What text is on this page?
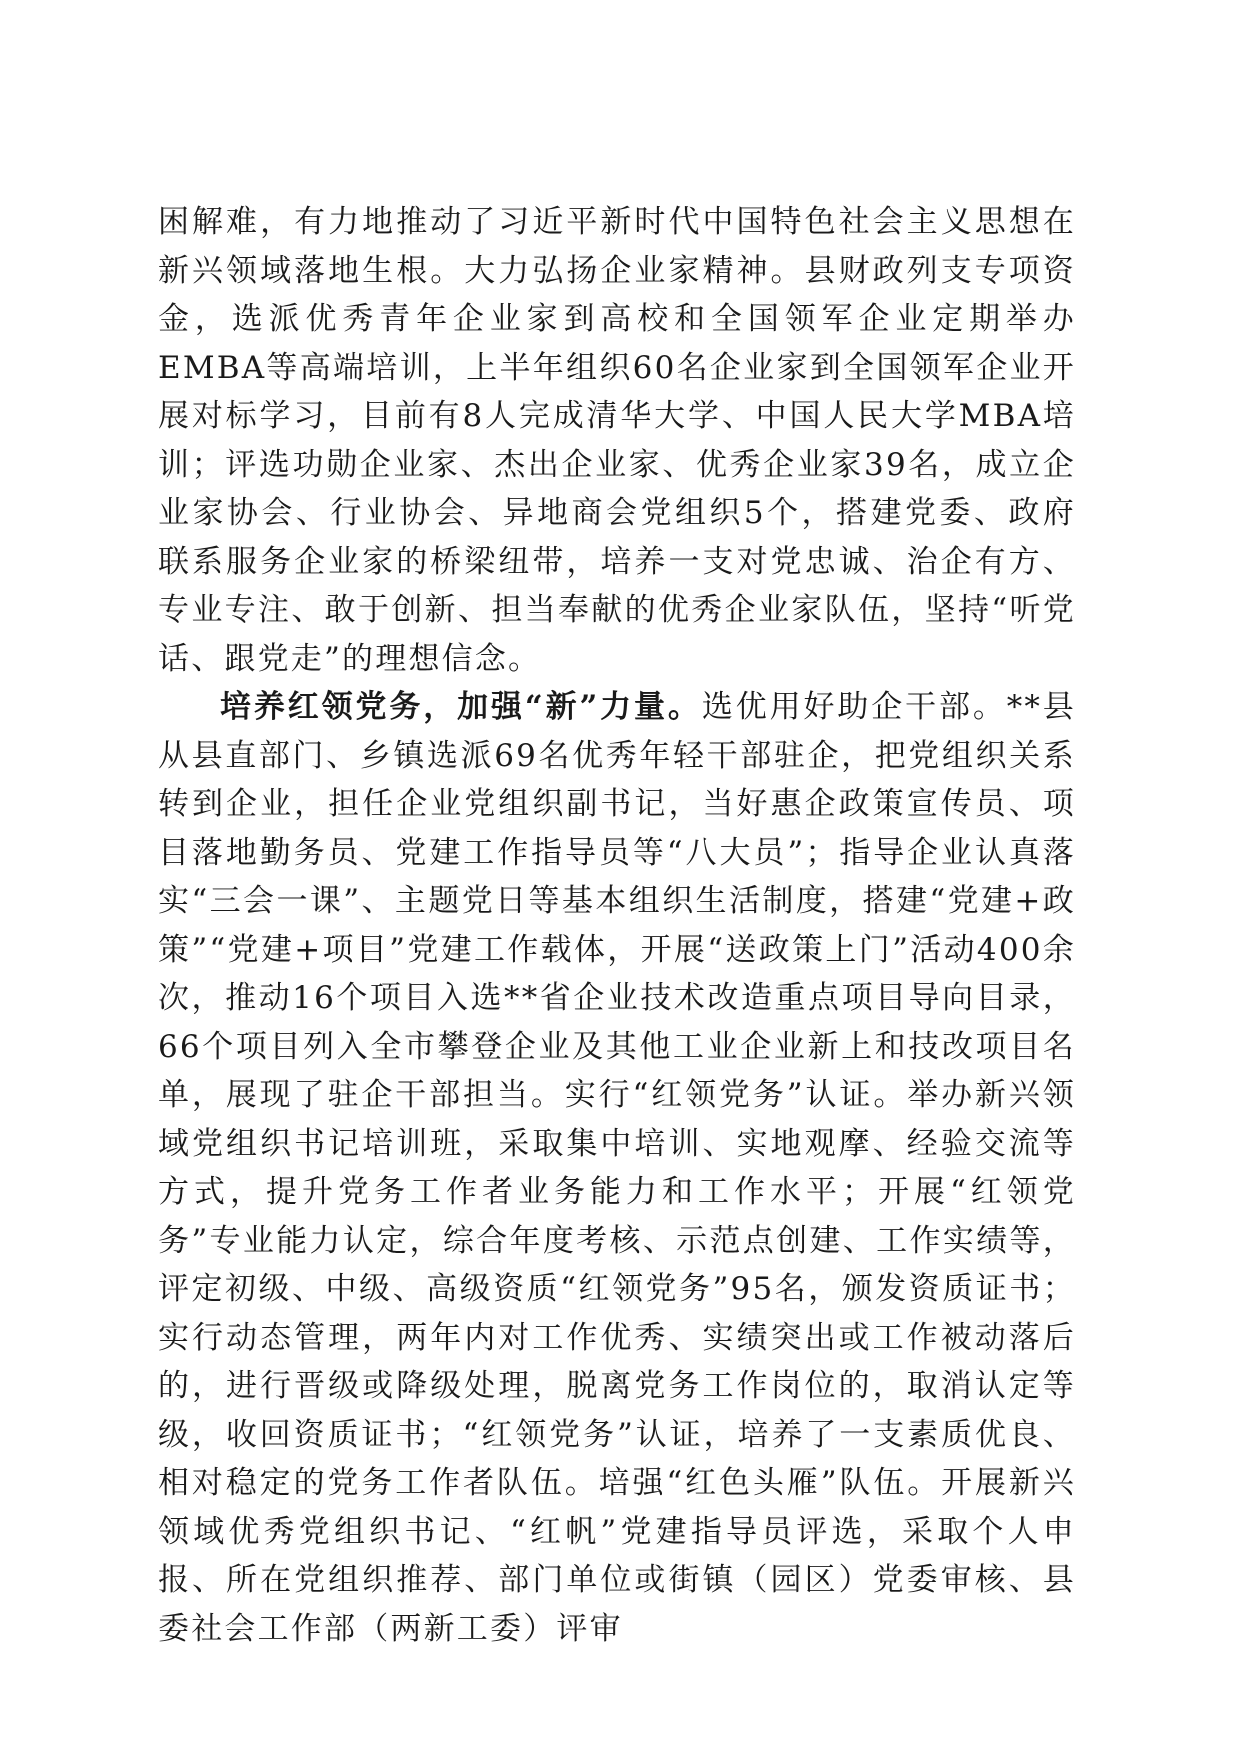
困解难，有力地推动了习近平新时代中国特色社会主义思想在新兴领域落地生根。大力弘扬企业家精神。县财政列支专项资金，选派优秀青年企业家到高校和全国领军企业定期举办EMBA等高端培训，上半年组织60名企业家到全国领军企业开展对标学习，目前有8人完成清华大学、中国人民大学MBA培训；评选功勋企业家、杰出企业家、优秀企业家39名，成立企业家协会、行业协会、异地商会党组织5个，搭建党委、政府联系服务企业家的桥梁纽带，培养一支对党忠诚、治企有方、专业专注、敢于创新、担当奉献的优秀企业家队伍，坚持“听党话、跟党走”的理想信念。

培养红领党务，加强“新”力量。选优用好助企干部。**县从县直部门、乡镇选派69名优秀年轻干部驻企，把党组织关系转到企业，担任企业党组织副书记，当好惠企政策宣传员、项目落地勤务员、党建工作指导员等“八大员”；指导企业认真落实“三会一课”、主题党日等基本组织生活制度，搭建“党建+政策”“党建+项目”党建工作载体，开展“送政策上门”活动400余次，推动16个项目入选**省企业技术改造重点项目导向目录，66个项目列入全市攀登企业及其他工业企业新上和技改项目名单，展现了驻企干部担当。实行“红领党务”认证。举办新兴领域党组织书记培训班，采取集中培训、实地观摩、经验交流等方式，提升党务工作者业务能力和工作水平；开展“红领党务”专业能力认定，综合年度考核、示范点创建、工作实绩等，评定初级、中级、高级资质“红领党务”95名，颁发资质证书；实行动态管理，两年内对工作优秀、实绩突出或工作被动落后的，进行晋级或降级处理，脱离党务工作岗位的，取消认定等级，收回资质证书；“红领党务”认证，培养了一支素质优良、相对稳定的党务工作者队伍。培强“红色头雁”队伍。开展新兴领域优秀党组织书记、“红帆”党建指导员评选，采取个人申报、所在党组织推荐、部门单位或街镇（园区）党委审核、县委社会工作部（两新工委）评审
